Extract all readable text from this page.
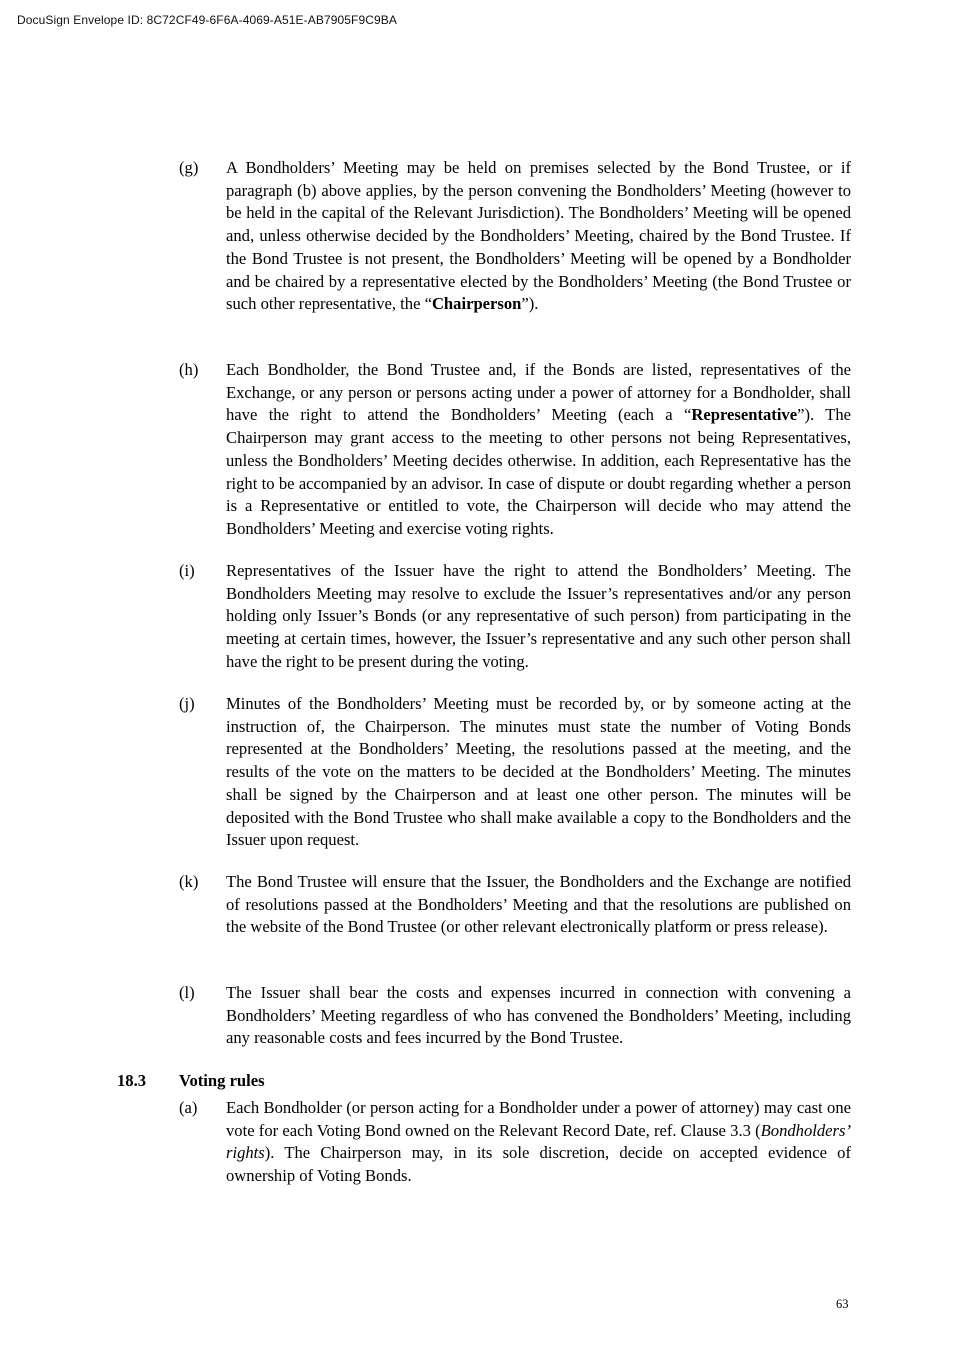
DocuSign Envelope ID: 8C72CF49-6F6A-4069-A51E-AB7905F9C9BA
(g)	A Bondholders’ Meeting may be held on premises selected by the Bond Trustee, or if paragraph (b) above applies, by the person convening the Bondholders’ Meeting (however to be held in the capital of the Relevant Jurisdiction). The Bondholders’ Meeting will be opened and, unless otherwise decided by the Bondholders’ Meeting, chaired by the Bond Trustee. If the Bond Trustee is not present, the Bondholders’ Meeting will be opened by a Bondholder and be chaired by a representative elected by the Bondholders’ Meeting (the Bond Trustee or such other representative, the “Chairperson”).
(h)	Each Bondholder, the Bond Trustee and, if the Bonds are listed, representatives of the Exchange, or any person or persons acting under a power of attorney for a Bondholder, shall have the right to attend the Bondholders’ Meeting (each a “Representative”). The Chairperson may grant access to the meeting to other persons not being Representatives, unless the Bondholders’ Meeting decides otherwise. In addition, each Representative has the right to be accompanied by an advisor. In case of dispute or doubt regarding whether a person is a Representative or entitled to vote, the Chairperson will decide who may attend the Bondholders’ Meeting and exercise voting rights.
(i)	Representatives of the Issuer have the right to attend the Bondholders’ Meeting. The Bondholders Meeting may resolve to exclude the Issuer’s representatives and/or any person holding only Issuer’s Bonds (or any representative of such person) from participating in the meeting at certain times, however, the Issuer’s representative and any such other person shall have the right to be present during the voting.
(j)	Minutes of the Bondholders’ Meeting must be recorded by, or by someone acting at the instruction of, the Chairperson. The minutes must state the number of Voting Bonds represented at the Bondholders’ Meeting, the resolutions passed at the meeting, and the results of the vote on the matters to be decided at the Bondholders’ Meeting. The minutes shall be signed by the Chairperson and at least one other person. The minutes will be deposited with the Bond Trustee who shall make available a copy to the Bondholders and the Issuer upon request.
(k)	The Bond Trustee will ensure that the Issuer, the Bondholders and the Exchange are notified of resolutions passed at the Bondholders’ Meeting and that the resolutions are published on the website of the Bond Trustee (or other relevant electronically platform or press release).
(l)	The Issuer shall bear the costs and expenses incurred in connection with convening a Bondholders’ Meeting regardless of who has convened the Bondholders’ Meeting, including any reasonable costs and fees incurred by the Bond Trustee.
18.3 Voting rules
(a)	Each Bondholder (or person acting for a Bondholder under a power of attorney) may cast one vote for each Voting Bond owned on the Relevant Record Date, ref. Clause 3.3 (Bondholders’ rights). The Chairperson may, in its sole discretion, decide on accepted evidence of ownership of Voting Bonds.
63
